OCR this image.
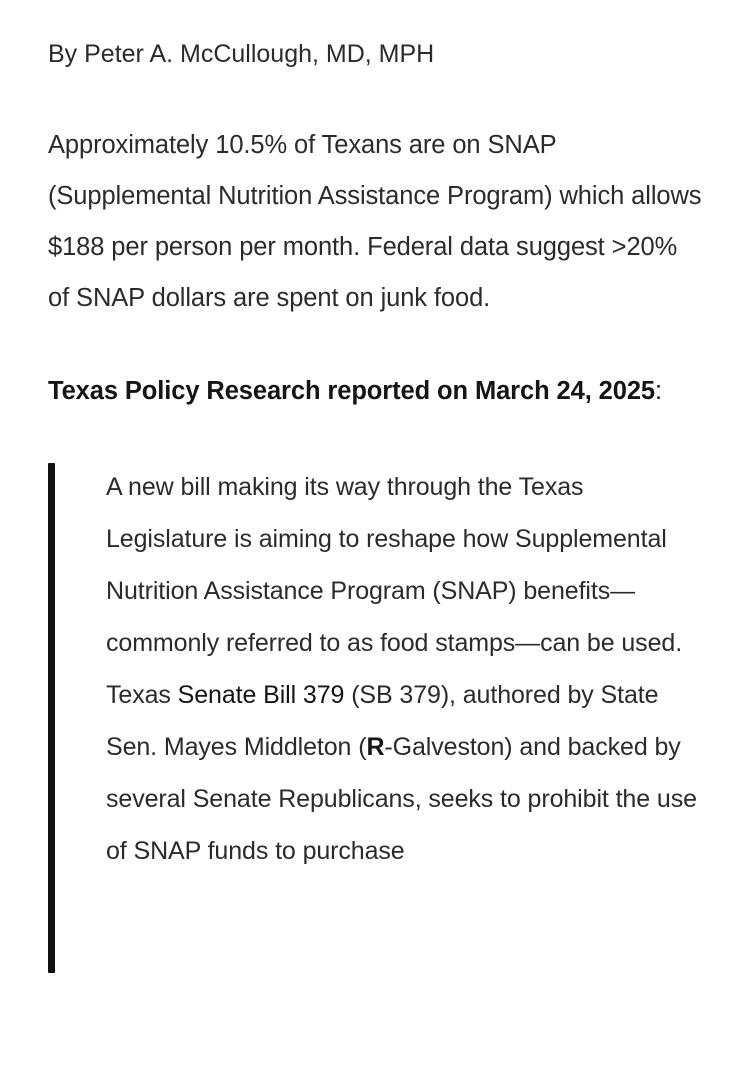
By Peter A. McCullough, MD, MPH

Approximately 10.5% of Texans are on SNAP (Supplemental Nutrition Assistance Program) which allows $188 per person per month. Federal data suggest >20% of SNAP dollars are spent on junk food.

Texas Policy Research reported on March 24, 2025:

A new bill making its way through the Texas Legislature is aiming to reshape how Supplemental Nutrition Assistance Program (SNAP) benefits—commonly referred to as food stamps—can be used. Texas Senate Bill 379 (SB 379), authored by State Sen. Mayes Middleton (R-Galveston) and backed by several Senate Republicans, seeks to prohibit the use of SNAP funds to purchase
